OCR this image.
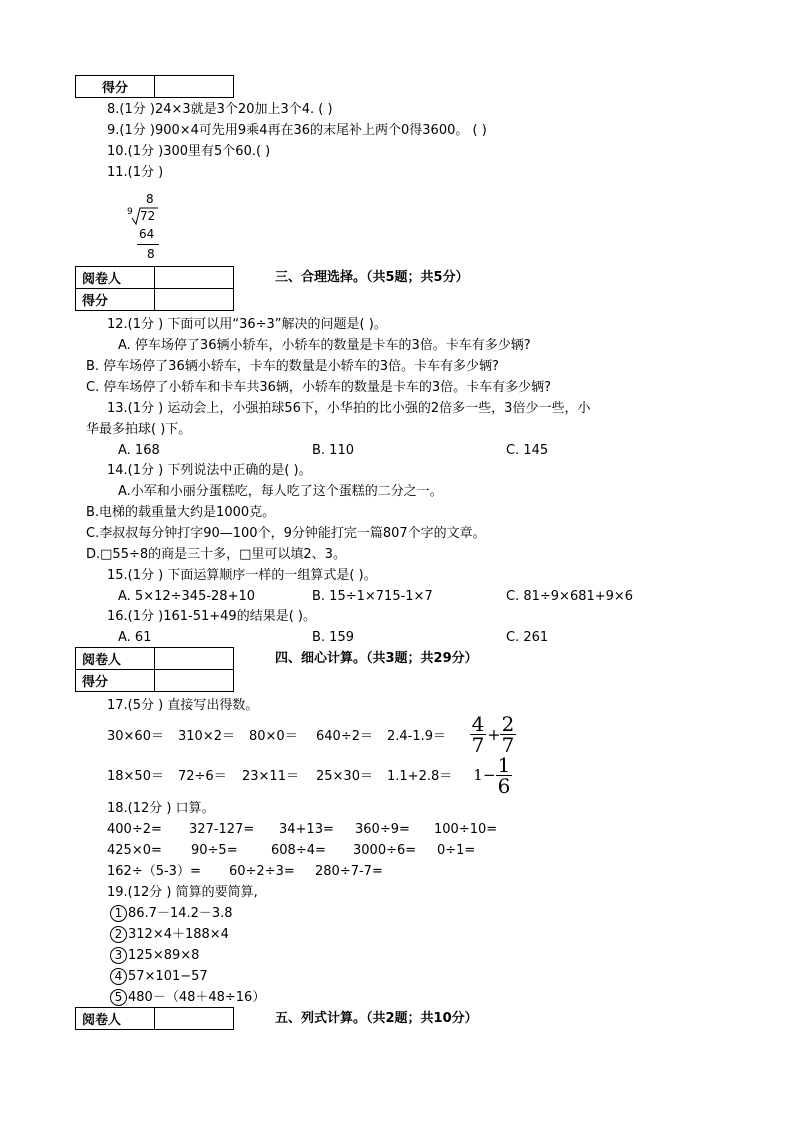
得分	
8.(1分 )24×3就是3个20加上3个4. ( )
9.(1分 )900×4可先用9乘4再在36的末尾补上两个0得3600。 ( )
10.(1分 )300里有5个60.( )
11.(1分 )
8
9 72
64
8
阅卷人	
得分	
三、合理选择。（共5题；共5分）
12.(1分 ) 下面可以用“36÷3”解决的问题是( )。
A. 停车场停了36辆小轿车，小轿车的数量是卡车的3倍。卡车有多少辆?
B. 停车场停了36辆小轿车，卡车的数量是小轿车的3倍。卡车有多少辆?
C. 停车场停了小轿车和卡车共36辆，小轿车的数量是卡车的3倍。卡车有多少辆?
13.(1分 ) 运动会上，小强拍球56下，小华拍的比小强的2倍多一些，3倍少一些，小
华最多拍球( )下。
A. 168	B. 110	C. 145
14.(1分 ) 下列说法中正确的是( )。
A.小军和小丽分蛋糕吃，每人吃了这个蛋糕的二分之一。
B.电梯的载重量大约是1000克。
C.李叔叔每分钟打字90—100个，9分钟能打完一篇807个字的文章。
D.□55÷8的商是三十多，□里可以填2、3。
15.(1分 ) 下面运算顺序一样的一组算式是( )。
A. 5×12÷345-28+10	B. 15÷1×715-1×7	C. 81÷9×681+9×6
16.(1分 )161-51+49的结果是( )。
A. 61	B. 159	C. 261
阅卷人	
得分	
四、细心计算。（共3题；共29分）
17.(5分 ) 直接写出得数。
$30\times 60= 310\times 2= 80\times 0= 640\div 2= 2.4-1.9= \frac{4}{7} + \frac{2}{7}$
$18\times 50= 72\div 6= 23\times 11= 25\times 30= 1.1+2.8= 1 - \frac{1}{6}$
18.(12分 ) 口算。
400÷2= 327-127= 34+13= 360÷9= 100÷10=
425×0= 90÷5=	608÷4= 3000÷6= 0÷1=
162÷（5-3）= 60÷2÷3= 280÷7-7=
19.(12分 ) 简算的要简算,
1 86.7－14.2－3.8
2 312×4＋188×4
3 125×89×8
4 57×101−57
5 480－（48＋48÷16）
阅卷人		五、列式计算。（共2题；共10分）
